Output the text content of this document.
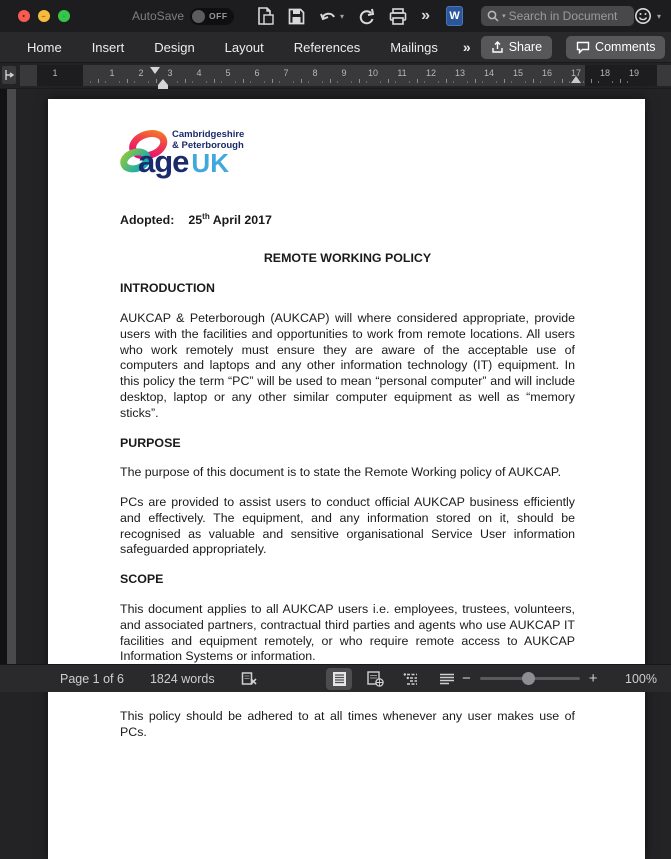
• – ◦	AutoSave	OFF	▾	»	W	▾ Search in Document	▾
Home	Insert	Design	Layout	References	Mailings	»	Share	Comments
1	1	2	3	4	5	6	7	8	9 10 11 12 13 14 15 16 17 18 19
Cambridgeshire
& Peterborough
age UK
Adopted: 25th April 2017
REMOTE WORKING POLICY
INTRODUCTION

AUKCAP & Peterborough (AUKCAP) will where considered appropriate, provide users with the facilities and opportunities to work from remote locations. All users who work remotely must ensure they are aware of the acceptable use of computers and laptops and any other information technology (IT) equipment. In this policy the term “PC” will be used to mean “personal computer” and will include desktop, laptop or any other similar computer equipment as well as “memory sticks”.

PURPOSE

The purpose of this document is to state the Remote Working policy of AUKCAP.

PCs are provided to assist users to conduct official AUKCAP business efficiently and effectively. The equipment, and any information stored on it, should be recognised as valuable and sensitive organisational Service User information safeguarded appropriately.

SCOPE

This document applies to all AUKCAP users i.e. employees, trustees, volunteers, and associated partners, contractual third parties and agents who use AUKCAP IT facilities and equipment remotely, or who require remote access to AUKCAP Information Systems or information.

This policy should be adhered to at all times whenever any user makes use of PCs.

Page 1 of 6 1824 words	−	+ 100%
